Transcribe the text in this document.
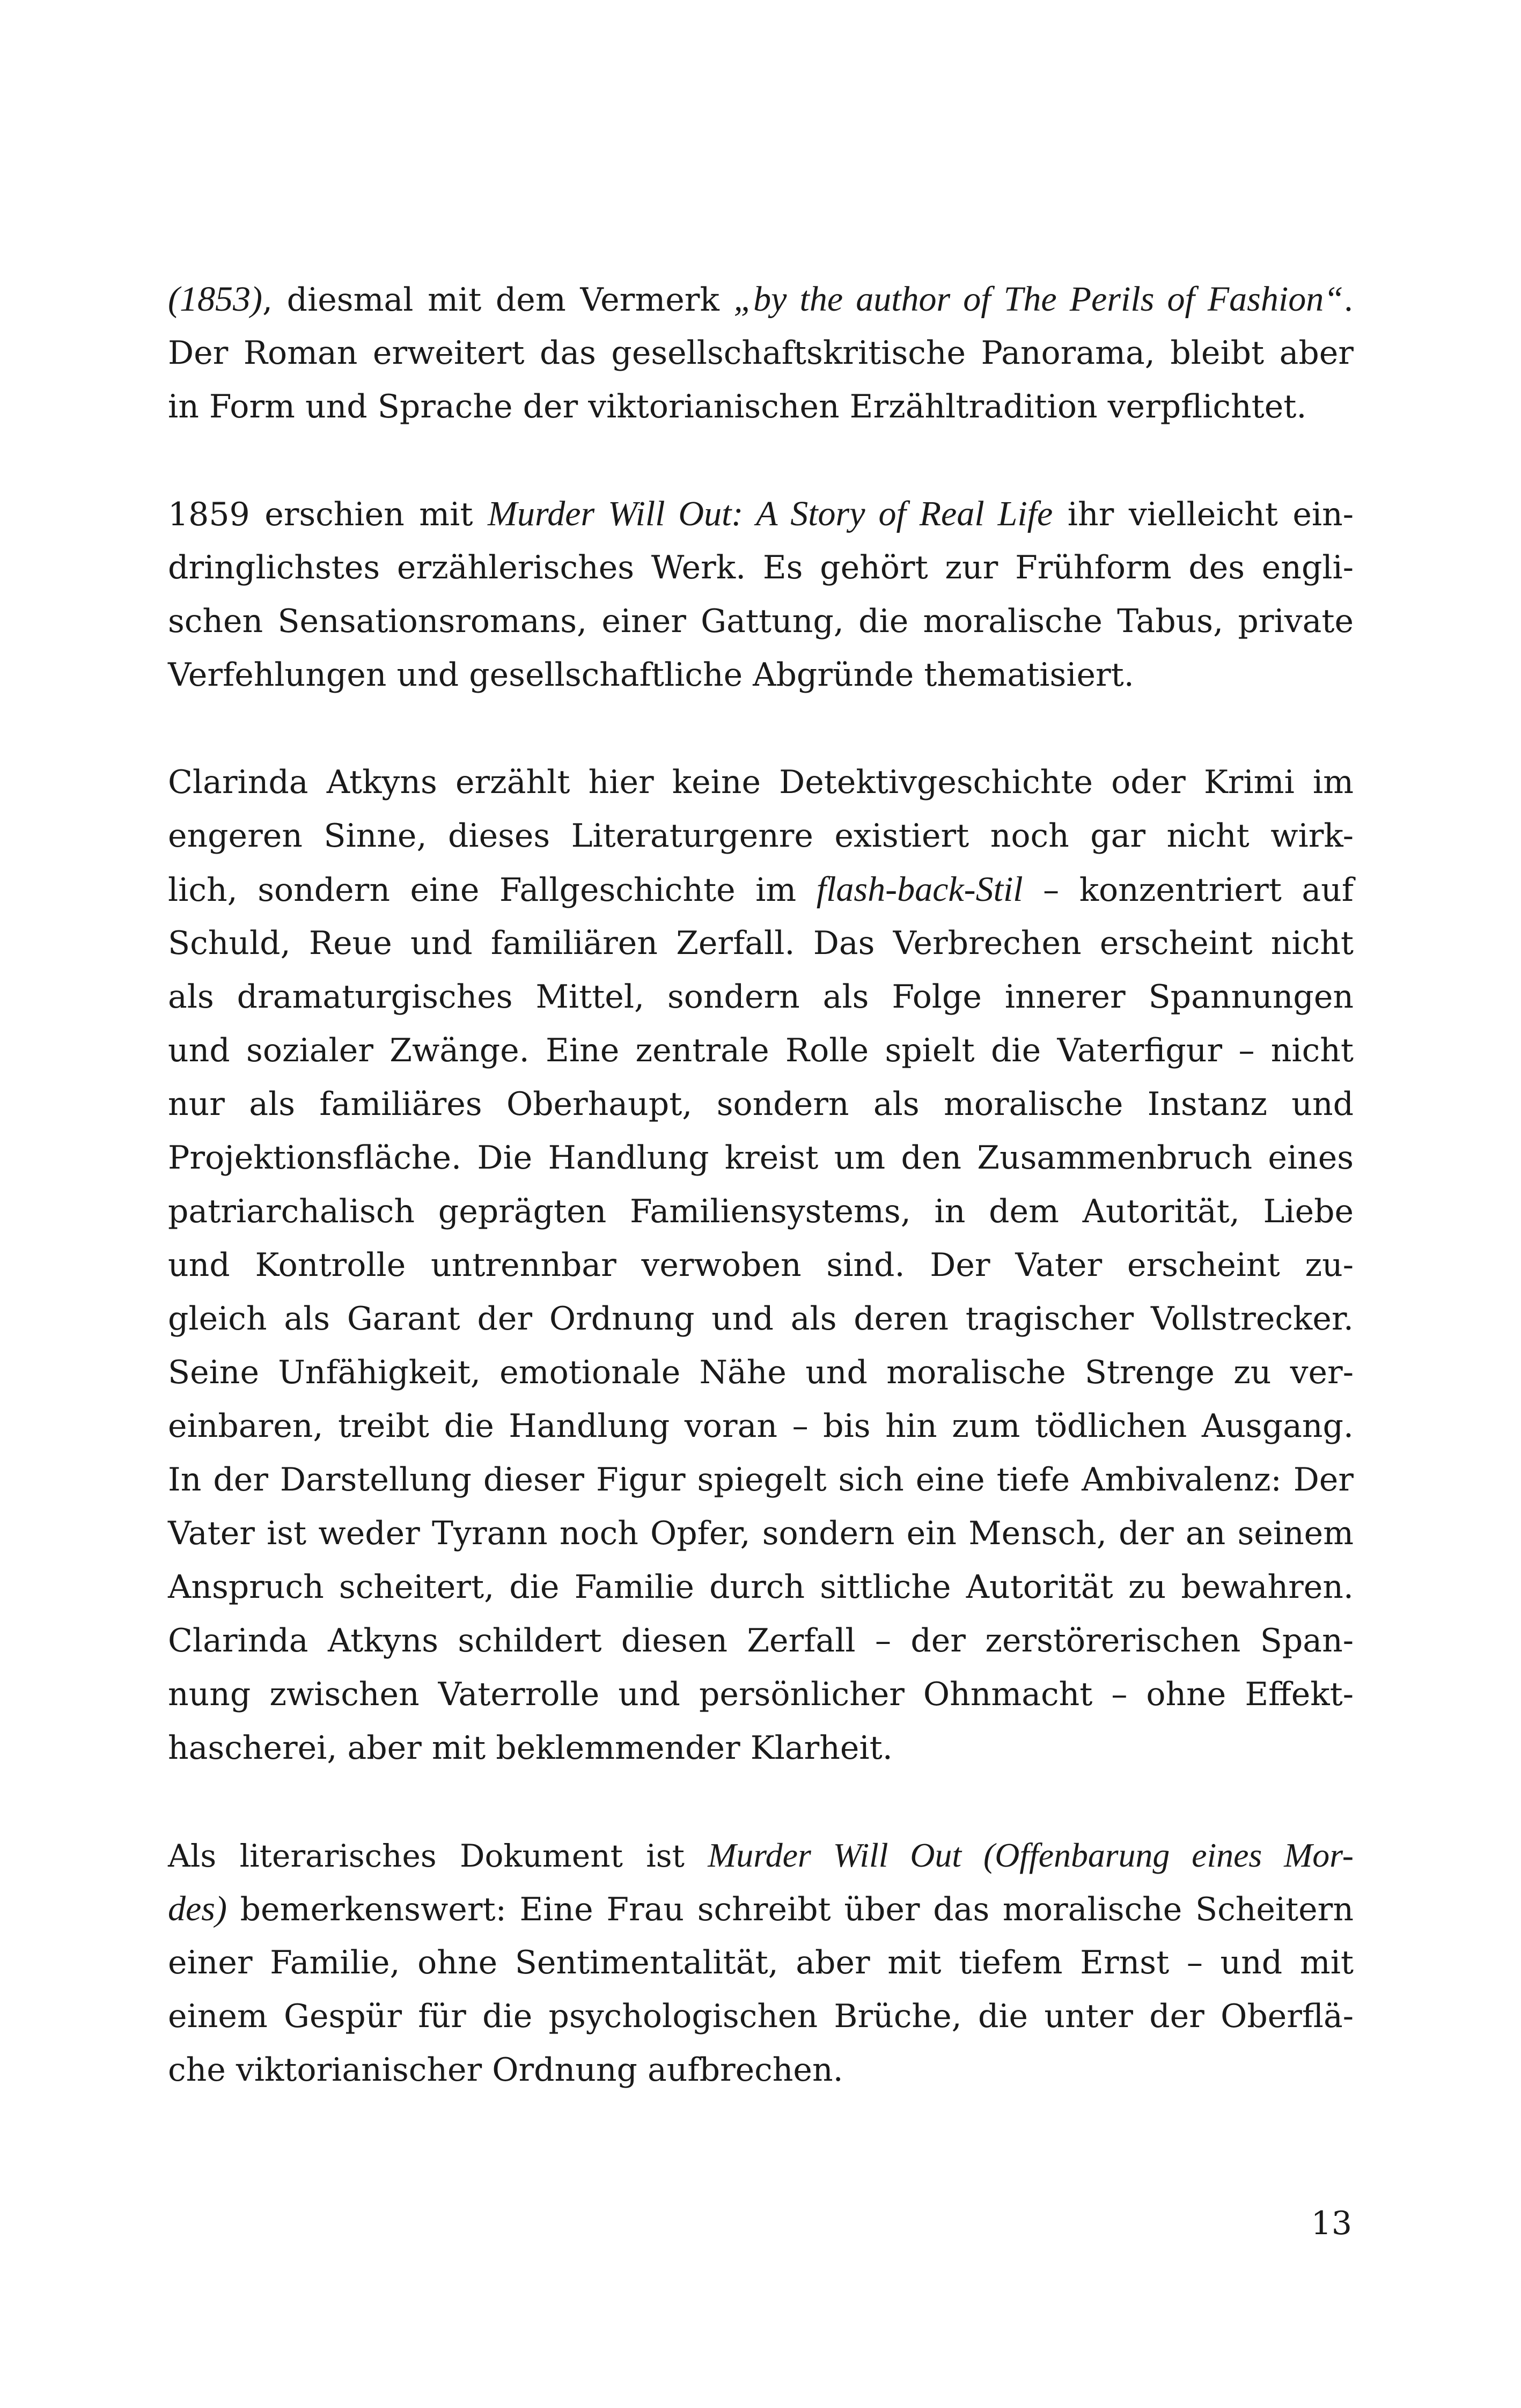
(1853), diesmal mit dem Vermerk „by the author of The Perils of Fashion“.
Der Roman erweitert das gesellschaftskritische Panorama, bleibt aber
in Form und Sprache der viktorianischen Erzähltradition verpflichtet.
1859 erschien mit Murder Will Out: A Story of Real Life ihr vielleicht ein-
dringlichstes erzählerisches Werk. Es gehört zur Frühform des engli-
schen Sensationsromans, einer Gattung, die moralische Tabus, private
Verfehlungen und gesellschaftliche Abgründe thematisiert.
Clarinda Atkyns erzählt hier keine Detektivgeschichte oder Krimi im
engeren Sinne, dieses Literaturgenre existiert noch gar nicht wirk-
lich, sondern eine Fallgeschichte im flash-back-Stil – konzentriert auf
Schuld, Reue und familiären Zerfall. Das Verbrechen erscheint nicht
als dramaturgisches Mittel, sondern als Folge innerer Spannungen
und sozialer Zwänge. Eine zentrale Rolle spielt die Vaterfigur – nicht
nur als familiäres Oberhaupt, sondern als moralische Instanz und
Projektionsfläche. Die Handlung kreist um den Zusammenbruch eines
patriarchalisch geprägten Familiensystems, in dem Autorität, Liebe
und Kontrolle untrennbar verwoben sind. Der Vater erscheint zu-
gleich als Garant der Ordnung und als deren tragischer Vollstrecker.
Seine Unfähigkeit, emotionale Nähe und moralische Strenge zu ver-
einbaren, treibt die Handlung voran – bis hin zum tödlichen Ausgang.
In der Darstellung dieser Figur spiegelt sich eine tiefe Ambivalenz: Der
Vater ist weder Tyrann noch Opfer, sondern ein Mensch, der an seinem
Anspruch scheitert, die Familie durch sittliche Autorität zu bewahren.
Clarinda Atkyns schildert diesen Zerfall – der zerstörerischen Span-
nung zwischen Vaterrolle und persönlicher Ohnmacht – ohne Effekt-
hascherei, aber mit beklemmender Klarheit.
Als literarisches Dokument ist Murder Will Out (Offenbarung eines Mor-
des) bemerkenswert: Eine Frau schreibt über das moralische Scheitern
einer Familie, ohne Sentimentalität, aber mit tiefem Ernst – und mit
einem Gespür für die psychologischen Brüche, die unter der Oberflä-
che viktorianischer Ordnung aufbrechen.
13
